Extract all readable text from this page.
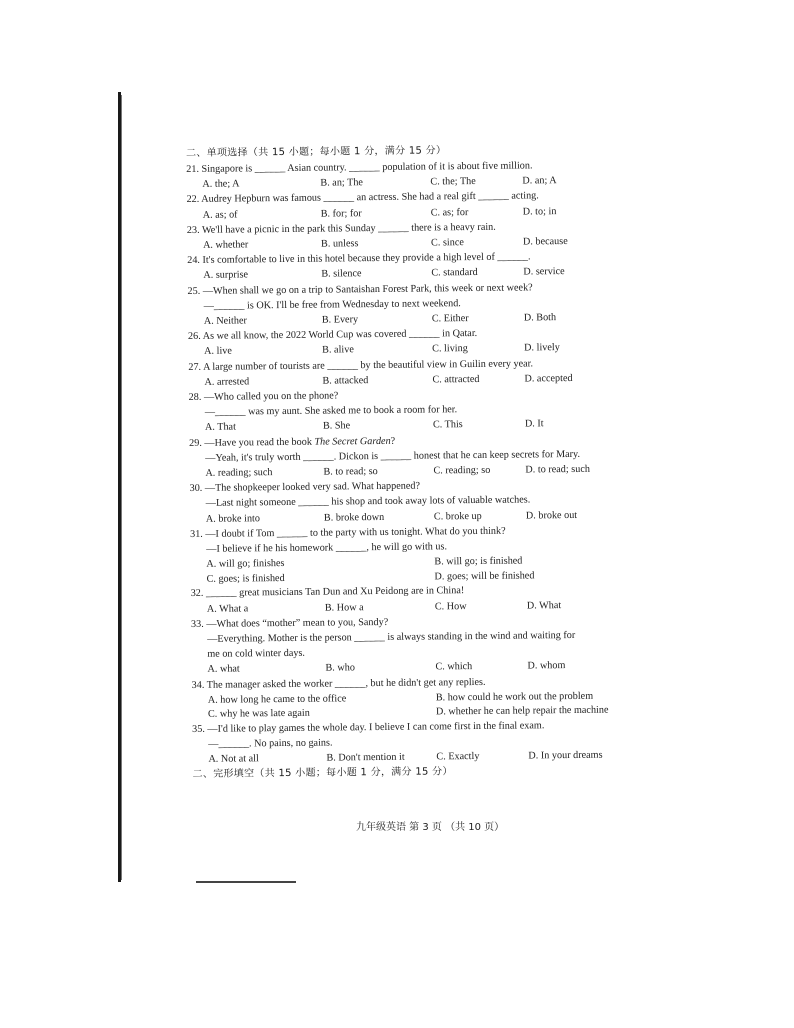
二、单项选择（共 15 小题；每小题 1 分，满分 15 分）
21. Singapore is ______ Asian country. ______ population of it is about five million.
A. the; A	B. an; The	C. the; The	D. an; A
22. Audrey Hepburn was famous ______ an actress. She had a real gift ______ acting.
A. as; of	B. for; for	C. as; for	D. to; in
23. We'll have a picnic in the park this Sunday ______ there is a heavy rain.
A. whether	B. unless	C. since	D. because
24. It's comfortable to live in this hotel because they provide a high level of ______.
A. surprise	B. silence	C. standard	D. service
25. —When shall we go on a trip to Santaishan Forest Park, this week or next week?
—______ is OK. I'll be free from Wednesday to next weekend.
A. Neither	B. Every	C. Either	D. Both
26. As we all know, the 2022 World Cup was covered ______ in Qatar.
A. live	B. alive	C. living	D. lively
27. A large number of tourists are ______ by the beautiful view in Guilin every year.
A. arrested	B. attacked	C. attracted	D. accepted
28. —Who called you on the phone?
—______ was my aunt. She asked me to book a room for her.
A. That	B. She	C. This	D. It
29. —Have you read the book The Secret Garden?
—Yeah, it's truly worth ______. Dickon is ______ honest that he can keep secrets for Mary.
A. reading; such	B. to read; so	C. reading; so	D. to read; such
30. —The shopkeeper looked very sad. What happened?
—Last night someone ______ his shop and took away lots of valuable watches.
A. broke into	B. broke down	C. broke up	D. broke out
31. —I doubt if Tom ______ to the party with us tonight. What do you think?
—I believe if he his homework ______, he will go with us.
A. will go; finishes	B. will go; is finished
C. goes; is finished	D. goes; will be finished
32. ______ great musicians Tan Dun and Xu Peidong are in China!
A. What a	B. How a	C. How	D. What
33. —What does “mother” mean to you, Sandy?
—Everything. Mother is the person ______ is always standing in the wind and waiting for
me on cold winter days.
A. what	B. who	C. which	D. whom
34. The manager asked the worker ______, but he didn't get any replies.
A. how long he came to the office	B. how could he work out the problem
C. why he was late again	D. whether he can help repair the machine
35. —I'd like to play games the whole day. I believe I can come first in the final exam.
—______. No pains, no gains.
A. Not at all	B. Don't mention it	C. Exactly	D. In your dreams
二、完形填空（共 15 小题；每小题 1 分，满分 15 分）
九年级英语 第 3 页 （共 10 页）
